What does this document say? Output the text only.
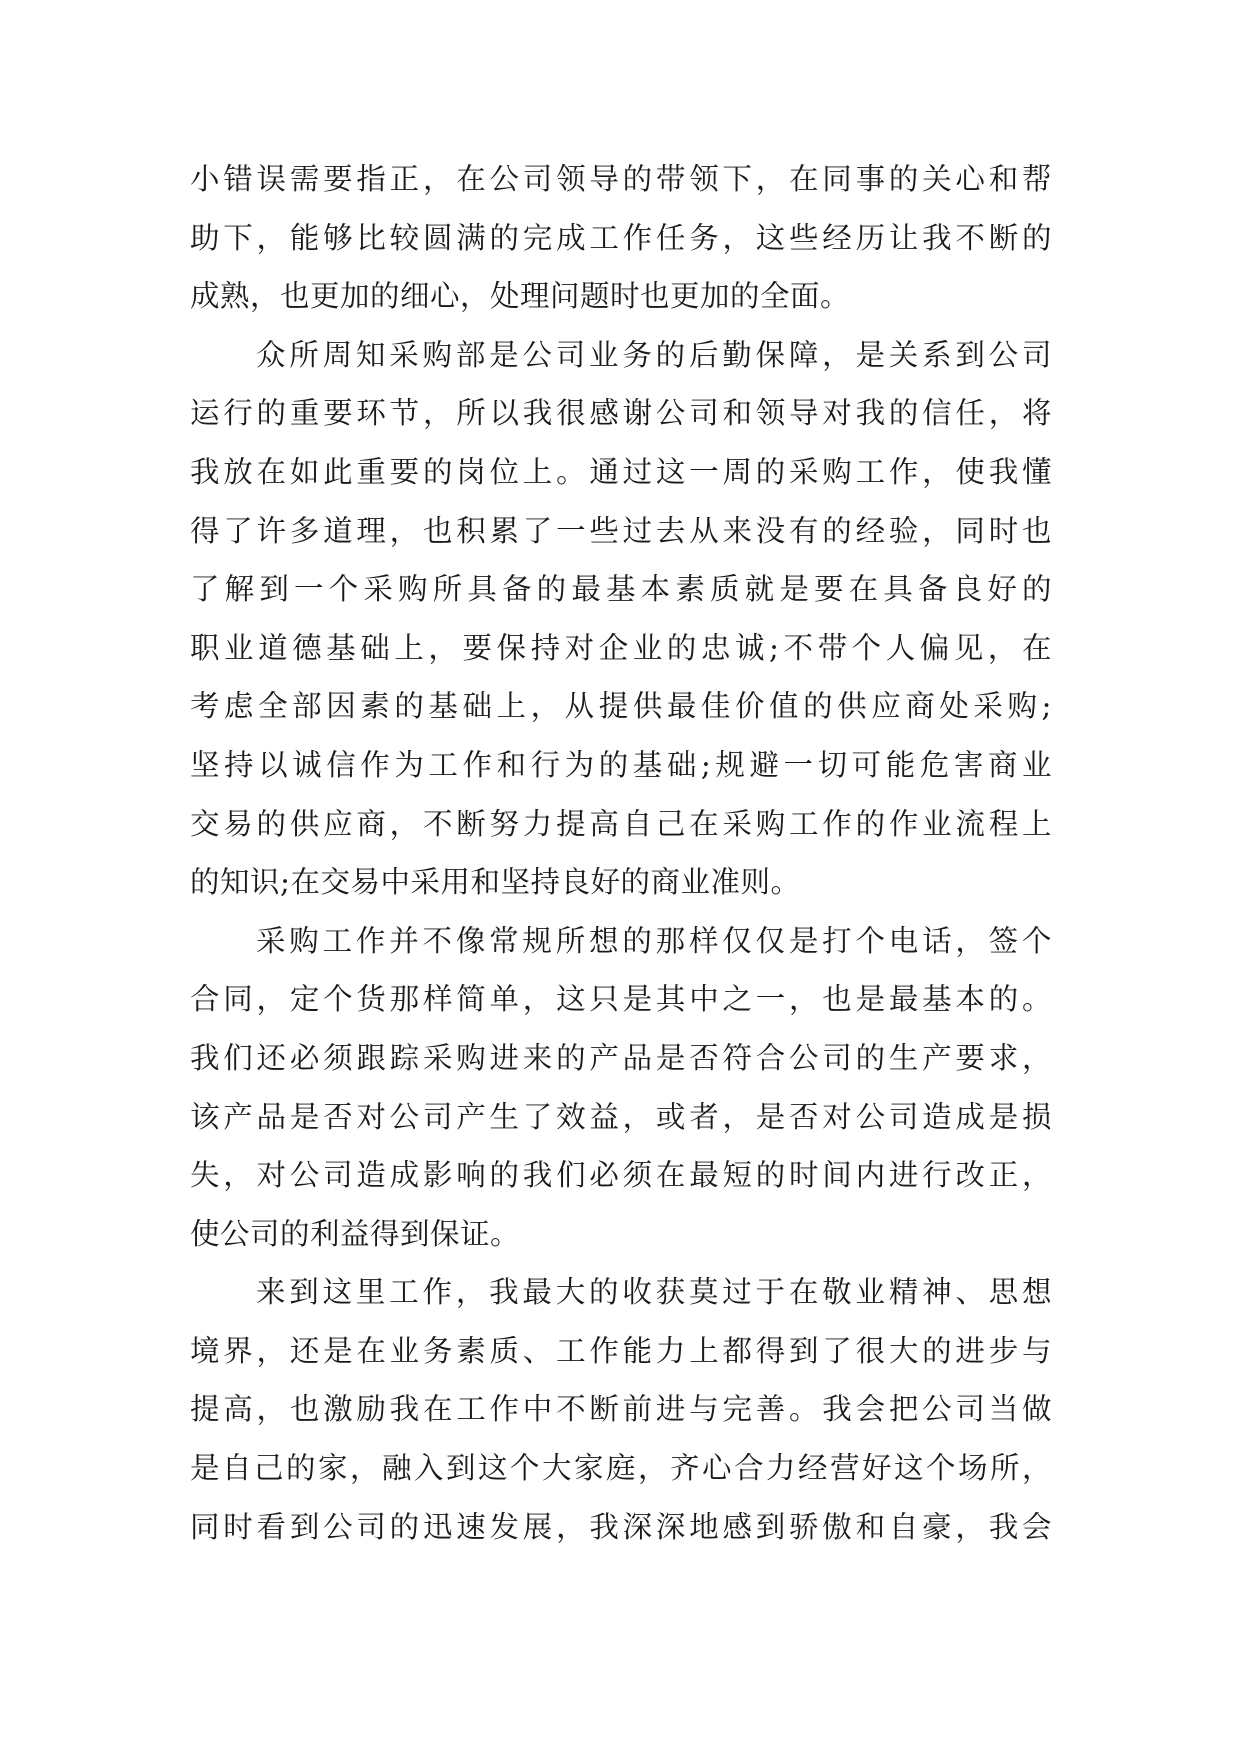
小错误需要指正，在公司领导的带领下，在同事的关心和帮
助下，能够比较圆满的完成工作任务，这些经历让我不断的
成熟，也更加的细心，处理问题时也更加的全面。
众所周知采购部是公司业务的后勤保障，是关系到公司
运行的重要环节，所以我很感谢公司和领导对我的信任，将
我放在如此重要的岗位上。通过这一周的采购工作，使我懂
得了许多道理，也积累了一些过去从来没有的经验，同时也
了解到一个采购所具备的最基本素质就是要在具备良好的
职业道德基础上，要保持对企业的忠诚;不带个人偏见，在
考虑全部因素的基础上，从提供最佳价值的供应商处采购;
坚持以诚信作为工作和行为的基础;规避一切可能危害商业
交易的供应商，不断努力提高自己在采购工作的作业流程上
的知识;在交易中采用和坚持良好的商业准则。
采购工作并不像常规所想的那样仅仅是打个电话，签个
合同，定个货那样简单，这只是其中之一，也是最基本的。
我们还必须跟踪采购进来的产品是否符合公司的生产要求，
该产品是否对公司产生了效益，或者，是否对公司造成是损
失，对公司造成影响的我们必须在最短的时间内进行改正，
使公司的利益得到保证。
来到这里工作，我最大的收获莫过于在敬业精神、思想
境界，还是在业务素质、工作能力上都得到了很大的进步与
提高，也激励我在工作中不断前进与完善。我会把公司当做
是自己的家，融入到这个大家庭，齐心合力经营好这个场所，
同时看到公司的迅速发展，我深深地感到骄傲和自豪，我会
